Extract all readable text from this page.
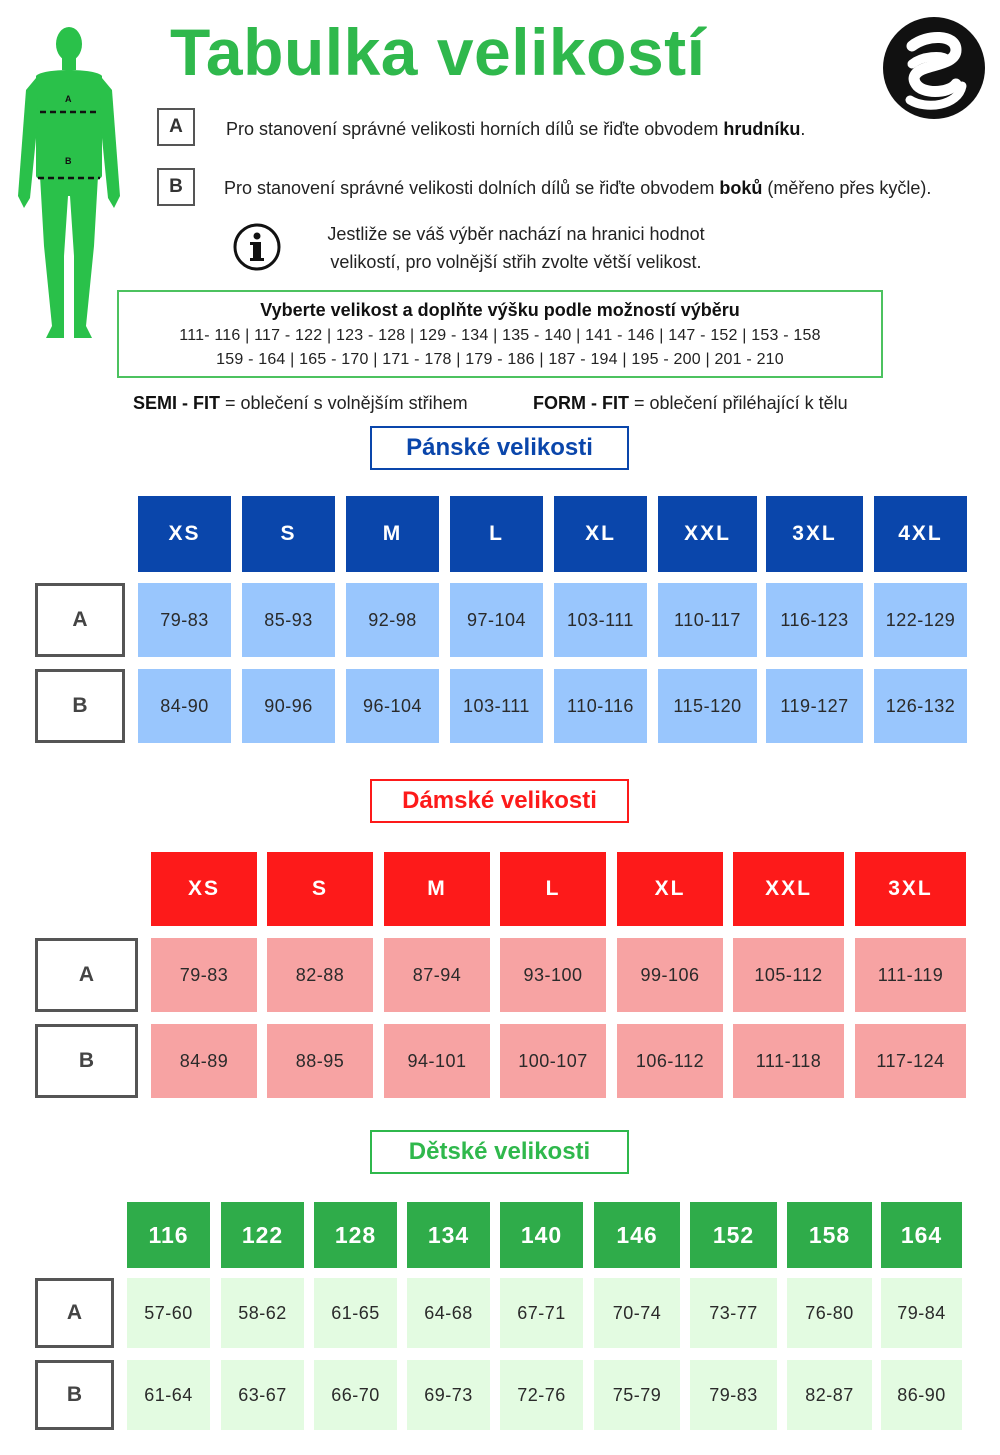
Tabulka velikostí
A
B
A	Pro stanovení správné velikosti horních dílů se řiďte obvodem hrudníku.
B	Pro stanovení správné velikosti dolních dílů se řiďte obvodem boků (měřeno přes kyčle).
Jestliže se váš výběr nachází na hranici hodnot
velikostí, pro volnější střih zvolte větší velikost.
Vyberte velikost a doplňte výšku podle možností výběru
111- 116 | 117 - 122 | 123 - 128 | 129 - 134 | 135 - 140 | 141 - 146 | 147 - 152 | 153 - 158
159 - 164 | 165 - 170 | 171 - 178 | 179 - 186 | 187 - 194 | 195 - 200 | 201 - 210
SEMI - FIT = oblečení s volnějším střihem	FORM - FIT = oblečení přiléhající k tělu
Pánské velikosti
XS	S	M	L	XL	XXL	3XL	4XL
A	79-83	85-93	92-98	97-104	103-111	110-117	116-123	122-129
B	84-90	90-96	96-104	103-111	110-116	115-120	119-127	126-132
Dámské velikosti
XS	S	M	L	XL	XXL	3XL
A	79-83	82-88	87-94	93-100	99-106	105-112	111-119
B	84-89	88-95	94-101	100-107	106-112	111-118	117-124
Dětské velikosti
116	122	128	134	140	146	152	158	164
A	57-60	58-62	61-65	64-68	67-71	70-74	73-77	76-80	79-84
B	61-64	63-67	66-70	69-73	72-76	75-79	79-83	82-87	86-90
